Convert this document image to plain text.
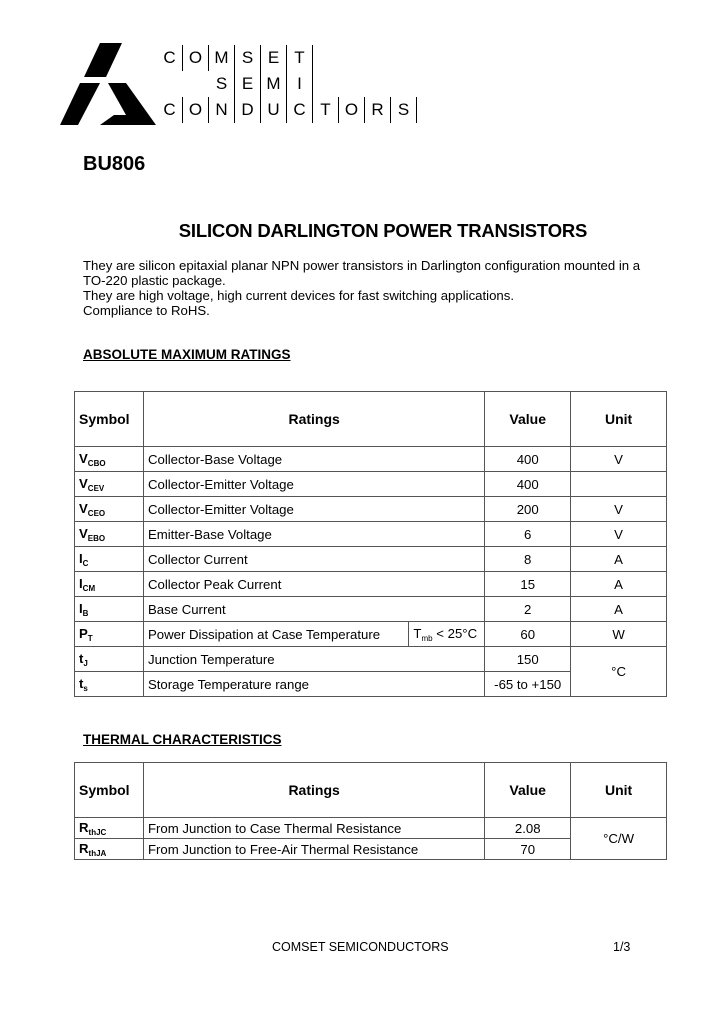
C O M S E T
S E M I
C O N D U C T O R S
BU806
SILICON DARLINGTON POWER TRANSISTORS

They are silicon epitaxial planar NPN power transistors in Darlington configuration mounted in a TO-220 plastic package.

They are high voltage, high current devices for fast switching applications.

Compliance to RoHS.

ABSOLUTE MAXIMUM RATINGS
Symbol	Ratings		Value	Unit
$V_{CBO}$	Collector-Base Voltage		400	V
$V_{CEV}$	Collector-Emitter Voltage		400	
$V_{CEO}$	Collector-Emitter Voltage		200	V
$V_{EBO}$	Emitter-Base Voltage		6	V
$I_C$	Collector Current		8	A
$I_{CM}$	Collector Peak Current		15	A
$I_B$	Base Current		2	A
$P_T$	Power Dissipation at Case Temperature	$T_{mb} < 25^\circ C$	60	W
$t_J$	Junction Temperature		150	°C
$t_s$	Storage Temperature range		-65 to +150	
THERMAL CHARACTERISTICS
Symbol	Ratings	Value	Unit
$R_{thJC}$	From Junction to Case Thermal Resistance	2.08	°C/W
$R_{thJA}$	From Junction to Free-Air Thermal Resistance	70	
COMSET SEMICONDUCTORS	1/3
